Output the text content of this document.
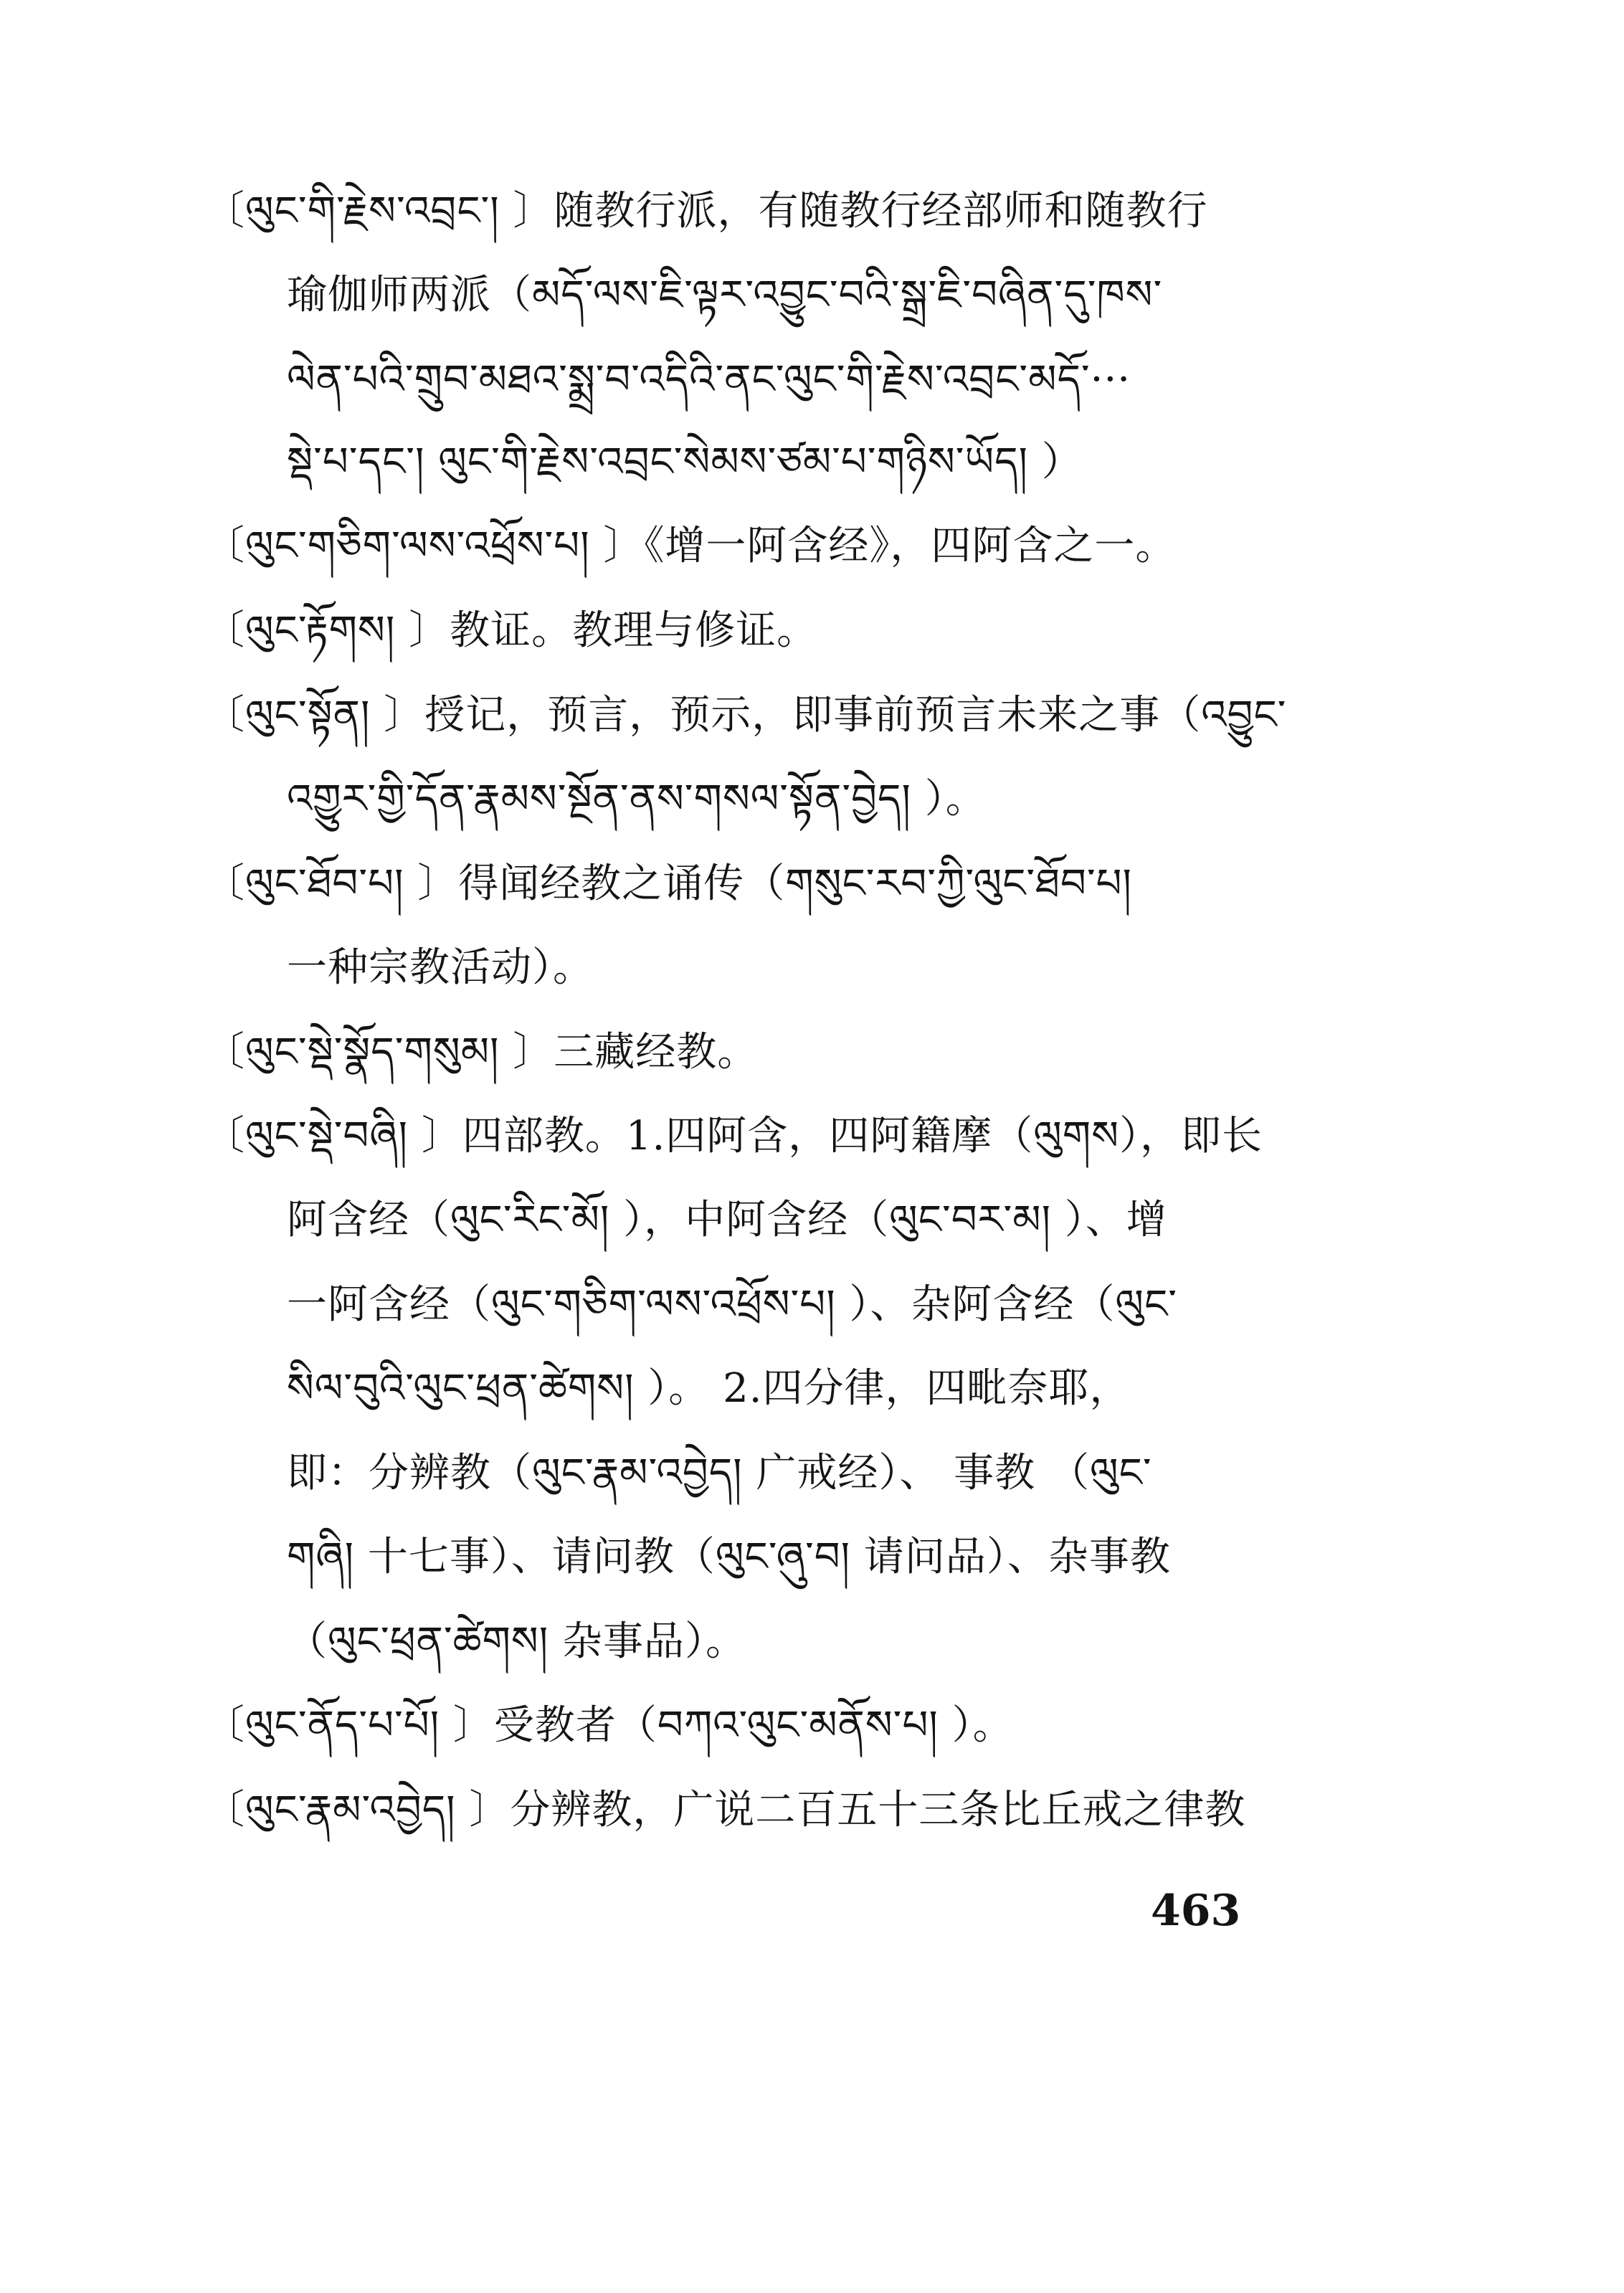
〔ལུང་གི་རྗེས་འབྲང་། 〕随教行派，有随教行经部师和随教行
瑜伽师两派（མདོ་ལས་ཇི་ལྟར་འབྱུང་བའི་སྒྲ་ཇི་བཞིན་དུ་ཁས་
ལེན་པའི་གྲུབ་མཐའ་སྨྲ་བ་འདིའི་ནང་ལུང་གི་རྗེས་འབྲང་མདོ་···
སྡེ་པ་དང་། ལུང་གི་རྗེས་འབྲང་སེམས་ཙམ་པ་གཉིས་ཡོད། ）
〔ལུང་གཅིག་ལས་འཕྲོས་པ། 〕《增一阿含经》，四阿含之一。
〔ལུང་རྟོགས། 〕教证。教理与修证。
〔ལུང་སྟོན། 〕授记，预言，预示，即事前预言未来之事（འབྱུང་
འགྱུར་གྱི་དོན་རྣམས་སྔོན་ནས་གསལ་སྟོན་བྱེད། ）。
〔ལུང་ཐོབ་པ། 〕得闻经教之诵传（གསུང་རབ་ཀྱི་ལུང་ཐོབ་པ།
一种宗教活动）。
〔ལུང་སྡེ་སྣོད་གསུམ། 〕三藏经教。
〔ལུང་སྡེ་བཞི། 〕四部教。1.四阿含，四阿籍摩（ལུགས），即长
阿含经（ལུང་རིང་མོ། ），中阿含经（ལུང་བར་མ། ）、增
一阿含经（ལུང་གཅིག་ལས་འཕྲོས་པ། ）、杂阿含经（ལུང་
སིལ་བུའི་ལུང་ཕྲན་ཚེགས། ）。 2.四分律，四毗奈耶，
即：分辨教（ལུང་རྣམ་འབྱེད། 广戒经）、 事教 （ལུང་
གཞི། 十七事）、请问教（ལུང་ཞུ་བ། 请问品）、杂事教
（ལུང་ཕྲན་ཚེགས། 杂事品）。
〔ལུང་ནོད་པ་པོ། 〕受教者（བཀའ་ལུང་མནོས་པ། ）。
〔ལུང་རྣམ་འབྱེད། 〕分辨教，广说二百五十三条比丘戒之律教
463
